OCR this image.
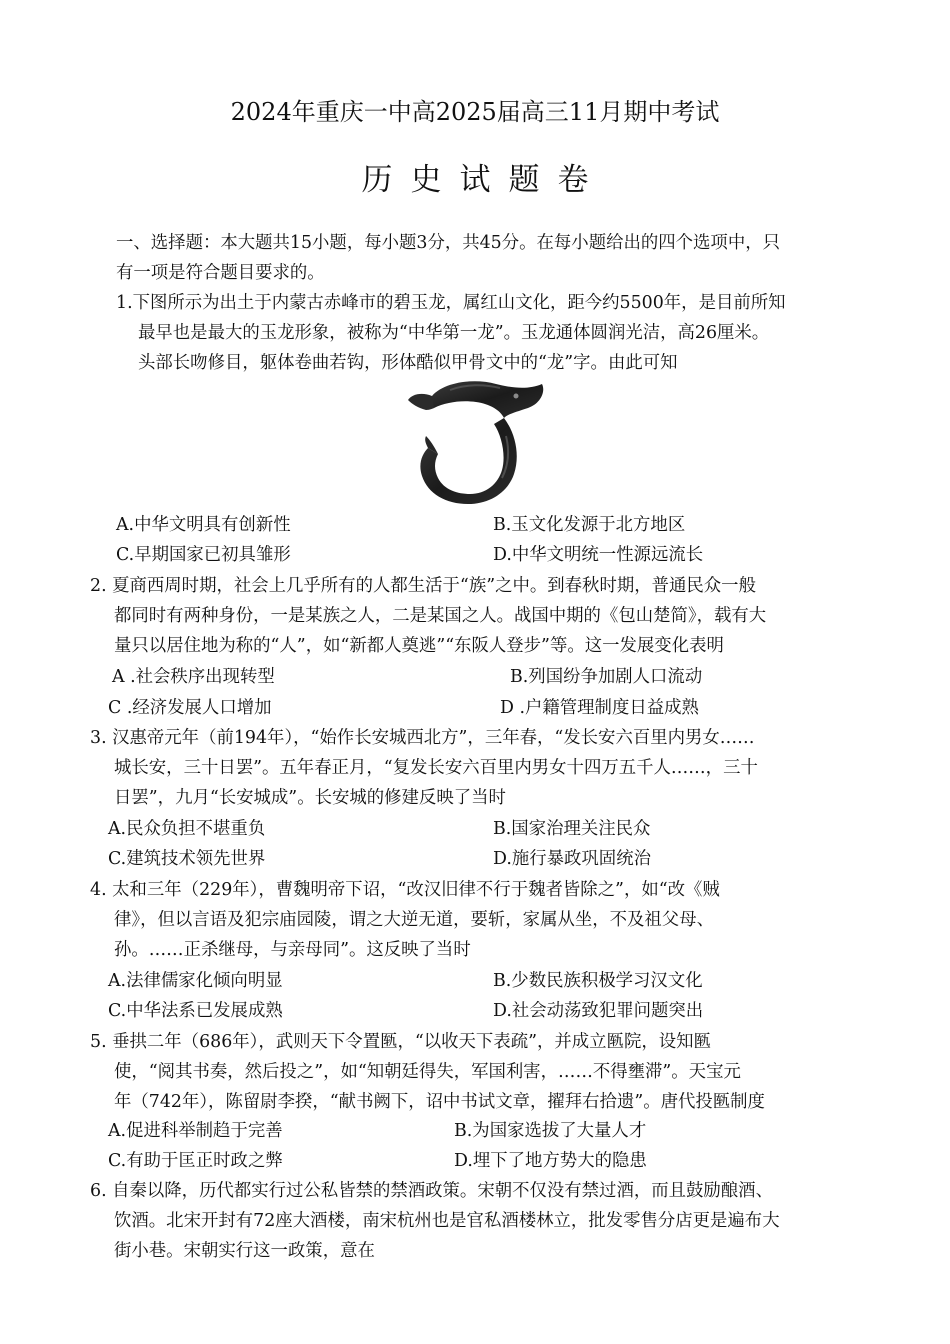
2024年重庆一中高2025届高三11月期中考试
历史试题卷
一、选择题：本大题共15小题，每小题3分，共45分。在每小题给出的四个选项中，只
有一项是符合题目要求的。
1.下图所示为出土于内蒙古赤峰市的碧玉龙，属红山文化，距今约5500年，是目前所知
最早也是最大的玉龙形象，被称为“中华第一龙”。玉龙通体圆润光洁，高26厘米。
头部长吻修目，躯体卷曲若钩，形体酷似甲骨文中的“龙”字。由此可知
A.中华文明具有创新性	B.玉文化发源于北方地区
C.早期国家已初具雏形	D.中华文明统一性源远流长
2. 夏商西周时期，社会上几乎所有的人都生活于“族”之中。到春秋时期，普通民众一般
都同时有两种身份，一是某族之人，二是某国之人。战国中期的《包山楚简》，载有大
量只以居住地为称的“人”，如“新都人奠逃”“东阪人登步”等。这一发展变化表明
A .社会秩序出现转型	B.列国纷争加剧人口流动
C .经济发展人口增加	D .户籍管理制度日益成熟
3. 汉惠帝元年（前194年），“始作长安城西北方”，三年春，“发长安六百里内男女……
城长安，三十日罢”。五年春正月，“复发长安六百里内男女十四万五千人……，三十
日罢”，九月“长安城成”。长安城的修建反映了当时
A.民众负担不堪重负	B.国家治理关注民众
C.建筑技术领先世界	D.施行暴政巩固统治
4. 太和三年（229年），曹魏明帝下诏，“改汉旧律不行于魏者皆除之”，如“改《贼
律》，但以言语及犯宗庙园陵，谓之大逆无道，要斩，家属从坐，不及祖父母、
孙。……正杀继母，与亲母同”。这反映了当时
A.法律儒家化倾向明显	B.少数民族积极学习汉文化
C.中华法系已发展成熟	D.社会动荡致犯罪问题突出
5. 垂拱二年（686年），武则天下令置匦，“以收天下表疏”，并成立匦院，设知匦
使，“阅其书奏，然后投之”，如“知朝廷得失，军国利害，……不得壅滞”。天宝元
年（742年），陈留尉李揆，“献书阙下，诏中书试文章，擢拜右拾遗”。唐代投匦制度
A.促进科举制趋于完善	B.为国家选拔了大量人才
C.有助于匡正时政之弊	D.埋下了地方势大的隐患
6. 自秦以降，历代都实行过公私皆禁的禁酒政策。宋朝不仅没有禁过酒，而且鼓励酿酒、
饮酒。北宋开封有72座大酒楼，南宋杭州也是官私酒楼林立，批发零售分店更是遍布大
街小巷。宋朝实行这一政策，意在
